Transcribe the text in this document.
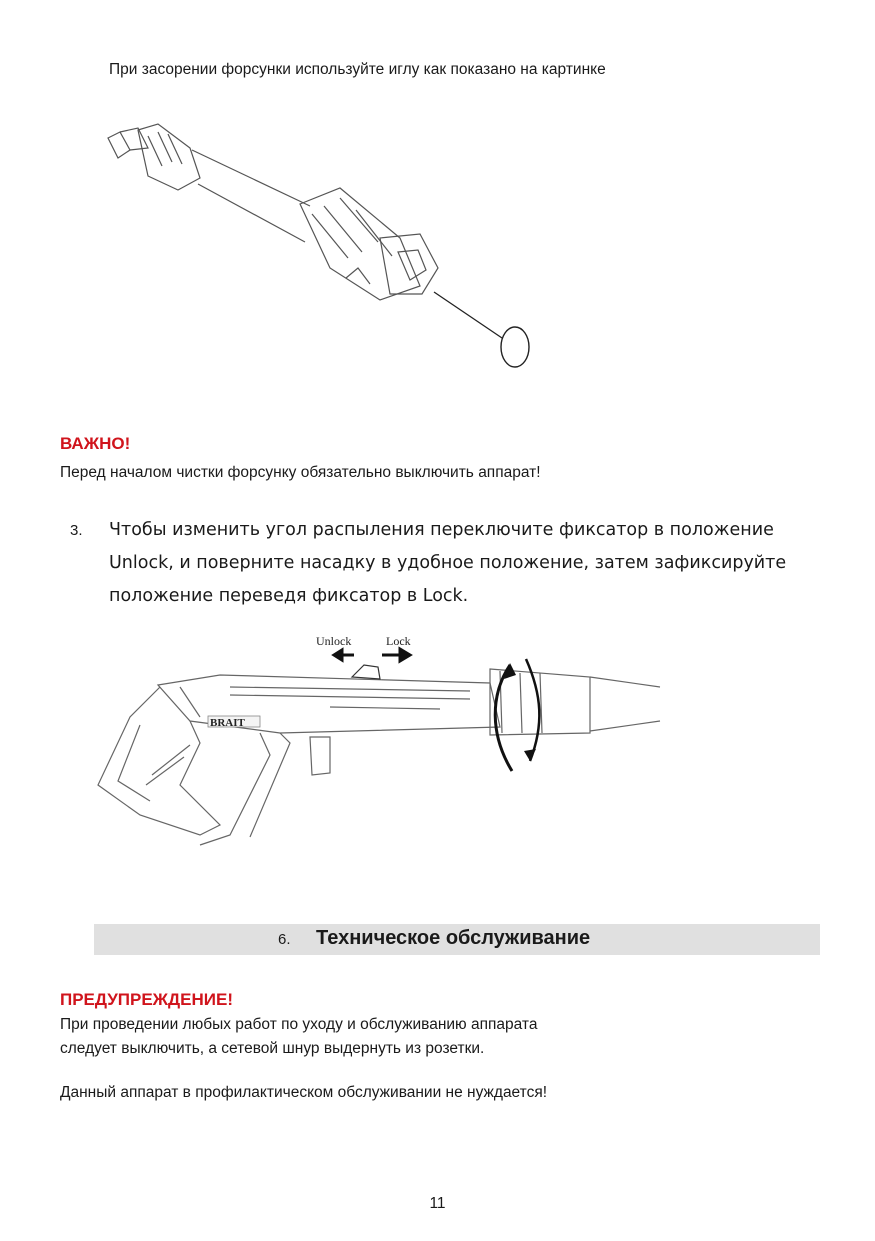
При засорении форсунки используйте иглу как показано на картинке
ВАЖНО!
Перед началом чистки форсунку обязательно выключить аппарат!
3. Чтобы изменить угол распыления переключите фиксатор в положение
Unlock, и поверните насадку в удобное положение, затем зафиксируйте
положение переведя фиксатор в Lock.
Unlock	Lock
BRAIT
6. Техническое обслуживание
ПРЕДУПРЕЖДЕНИЕ!
При проведении любых работ по уходу и обслуживанию аппарата
следует выключить, а сетевой шнур выдернуть из розетки.
Данный аппарат в профилактическом обслуживании не нуждается!
11
